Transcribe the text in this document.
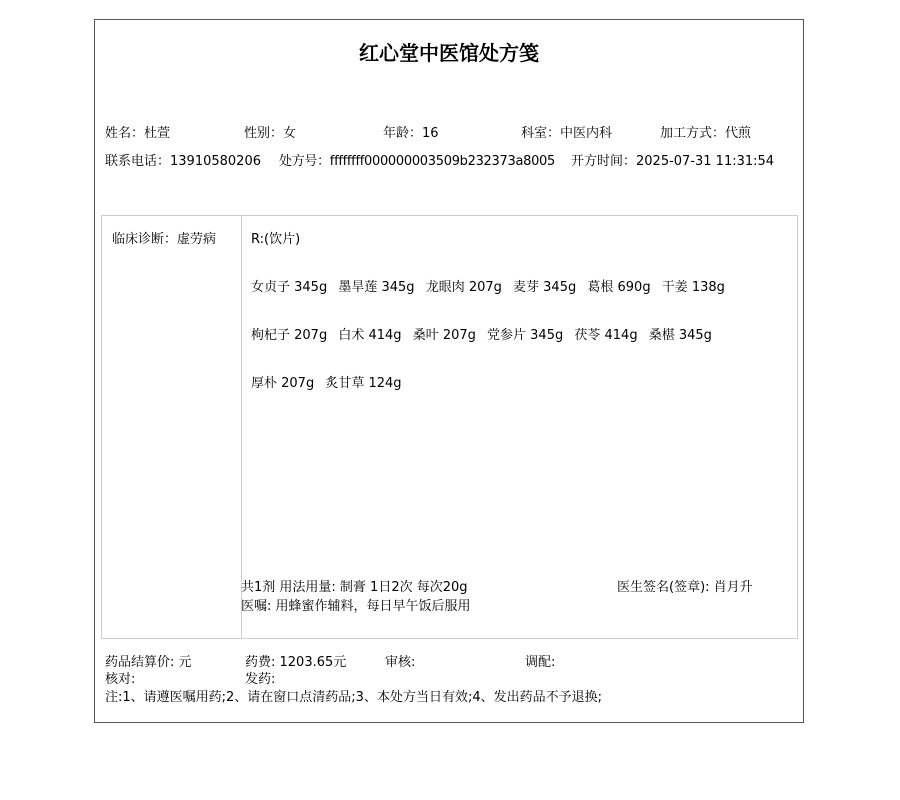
红心堂中医馆处方笺
姓名：杜萱	性别：女	年龄：16	科室：中医内科	加工方式：代煎
联系电话：13910580206 处方号：ffffffff000000003509b232373a8005 开方时间：2025-07-31 11:31:54
临床诊断：虚劳病	R:(饮片)
女贞子 345g 墨旱莲 345g 龙眼肉 207g 麦芽 345g 葛根 690g 干姜 138g
枸杞子 207g 白术 414g 桑叶 207g 党参片 345g 茯苓 414g 桑椹 345g
厚朴 207g 炙甘草 124g
共1剂 用法用量: 制膏 1日2次 每次20g	医生签名(签章): 肖月升
医嘱: 用蜂蜜作辅料，每日早午饭后服用
药品结算价: 元	药费: 1203.65元	审核:	调配:
核对:	发药:
注:1、请遵医嘱用药;2、请在窗口点清药品;3、本处方当日有效;4、发出药品不予退换;
